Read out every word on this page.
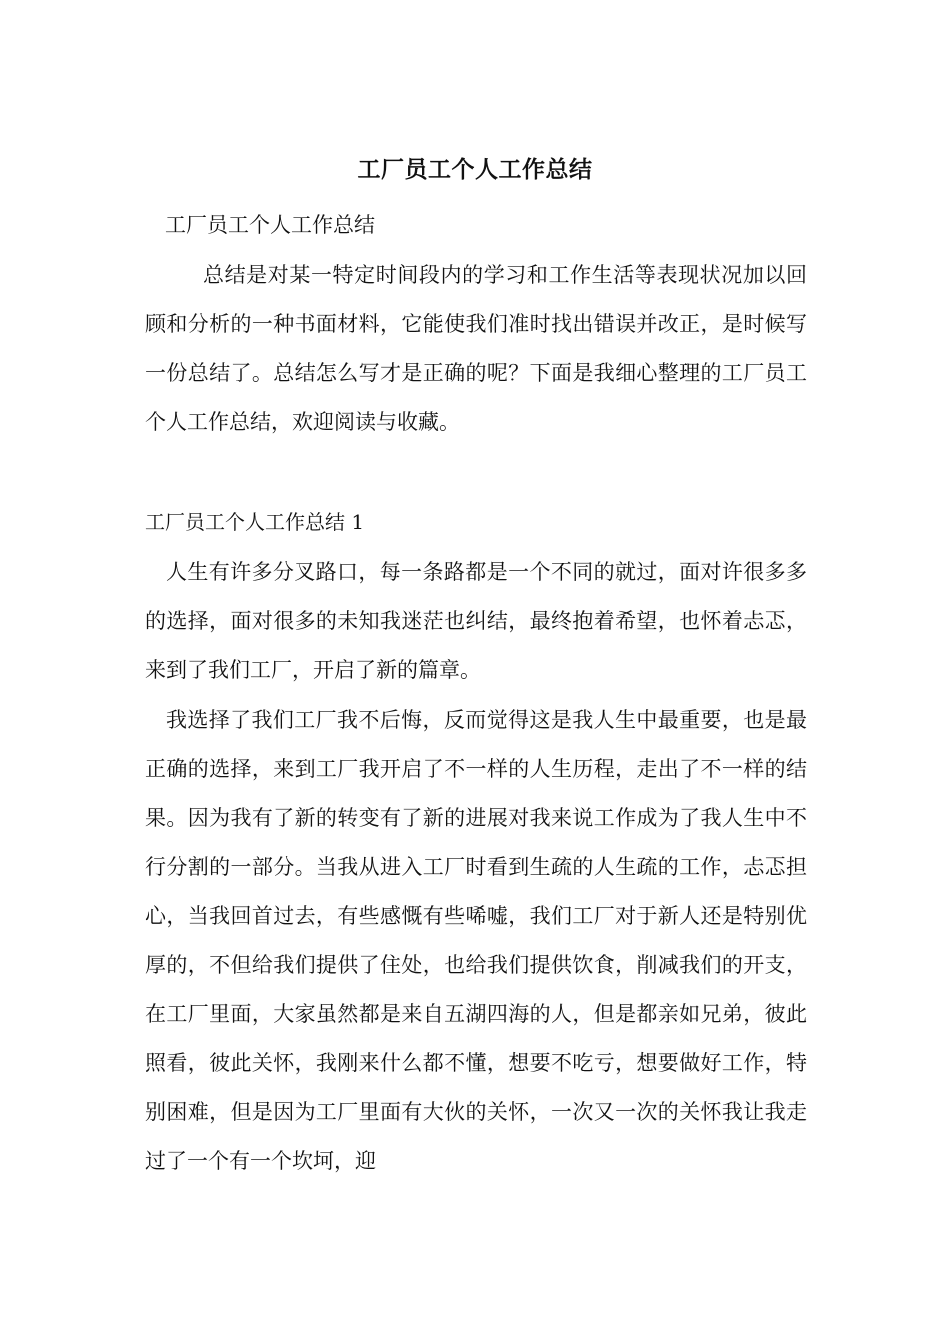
工厂员工个人工作总结
工厂员工个人工作总结
总结是对某一特定时间段内的学习和工作生活等表现状况加以回顾和分析的一种书面材料，它能使我们准时找出错误并改正，是时候写一份总结了。总结怎么写才是正确的呢？下面是我细心整理的工厂员工个人工作总结，欢迎阅读与收藏。
工厂员工个人工作总结 1
人生有许多分叉路口，每一条路都是一个不同的就过，面对许很多多的选择，面对很多的未知我迷茫也纠结，最终抱着希望，也怀着忐忑，来到了我们工厂，开启了新的篇章。
我选择了我们工厂我不后悔，反而觉得这是我人生中最重要，也是最正确的选择，来到工厂我开启了不一样的人生历程，走出了不一样的结果。因为我有了新的转变有了新的进展对我来说工作成为了我人生中不行分割的一部分。当我从进入工厂时看到生疏的人生疏的工作，忐忑担心，当我回首过去，有些感慨有些唏嘘，我们工厂对于新人还是特别优厚的，不但给我们提供了住处，也给我们提供饮食，削减我们的开支，在工厂里面，大家虽然都是来自五湖四海的人，但是都亲如兄弟，彼此照看，彼此关怀，我刚来什么都不懂，想要不吃亏，想要做好工作，特别困难，但是因为工厂里面有大伙的关怀，一次又一次的关怀我让我走过了一个有一个坎坷，迎
